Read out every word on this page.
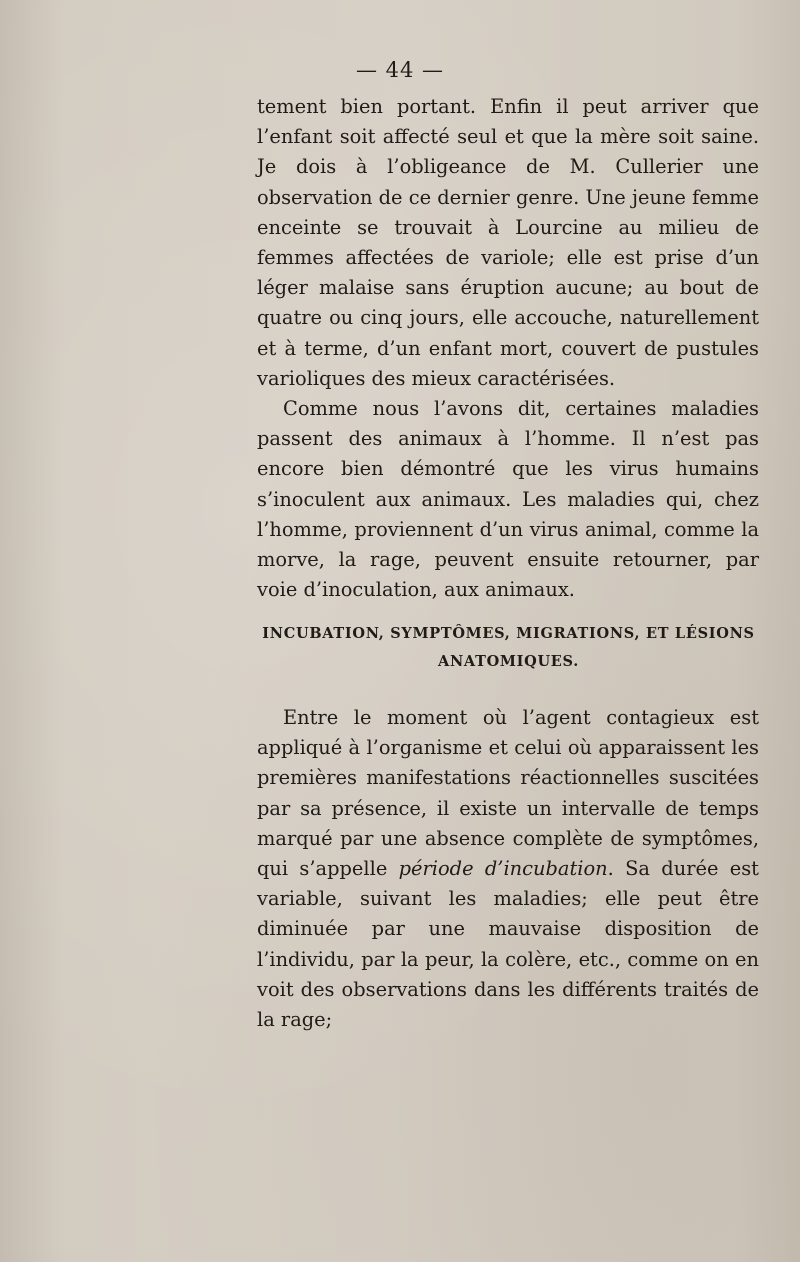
— 44 —

tement bien portant. Enfin il peut arriver que l’enfant soit affecté seul et que la mère soit saine. Je dois à l’obligeance de M. Cullerier une observation de ce dernier genre. Une jeune femme enceinte se trouvait à Lourcine au milieu de femmes affectées de variole; elle est prise d’un léger malaise sans éruption aucune; au bout de quatre ou cinq jours, elle accouche, naturellement et à terme, d’un enfant mort, couvert de pustules varioliques des mieux caractérisées.

Comme nous l’avons dit, certaines maladies passent des animaux à l’homme. Il n’est pas encore bien démontré que les virus humains s’inoculent aux animaux. Les maladies qui, chez l’homme, proviennent d’un virus animal, comme la morve, la rage, peuvent ensuite retourner, par voie d’inoculation, aux animaux.

INCUBATION, SYMPTÔMES, MIGRATIONS, ET LÉSIONS
ANATOMIQUES.

Entre le moment où l’agent contagieux est appliqué à l’organisme et celui où apparaissent les premières manifestations réactionnelles suscitées par sa présence, il existe un intervalle de temps marqué par une absence complète de symptômes, qui s’appelle période d’incubation. Sa durée est variable, suivant les maladies; elle peut être diminuée par une mauvaise disposition de l’individu, par la peur, la colère, etc., comme on en voit des observations dans les différents traités de la rage;
